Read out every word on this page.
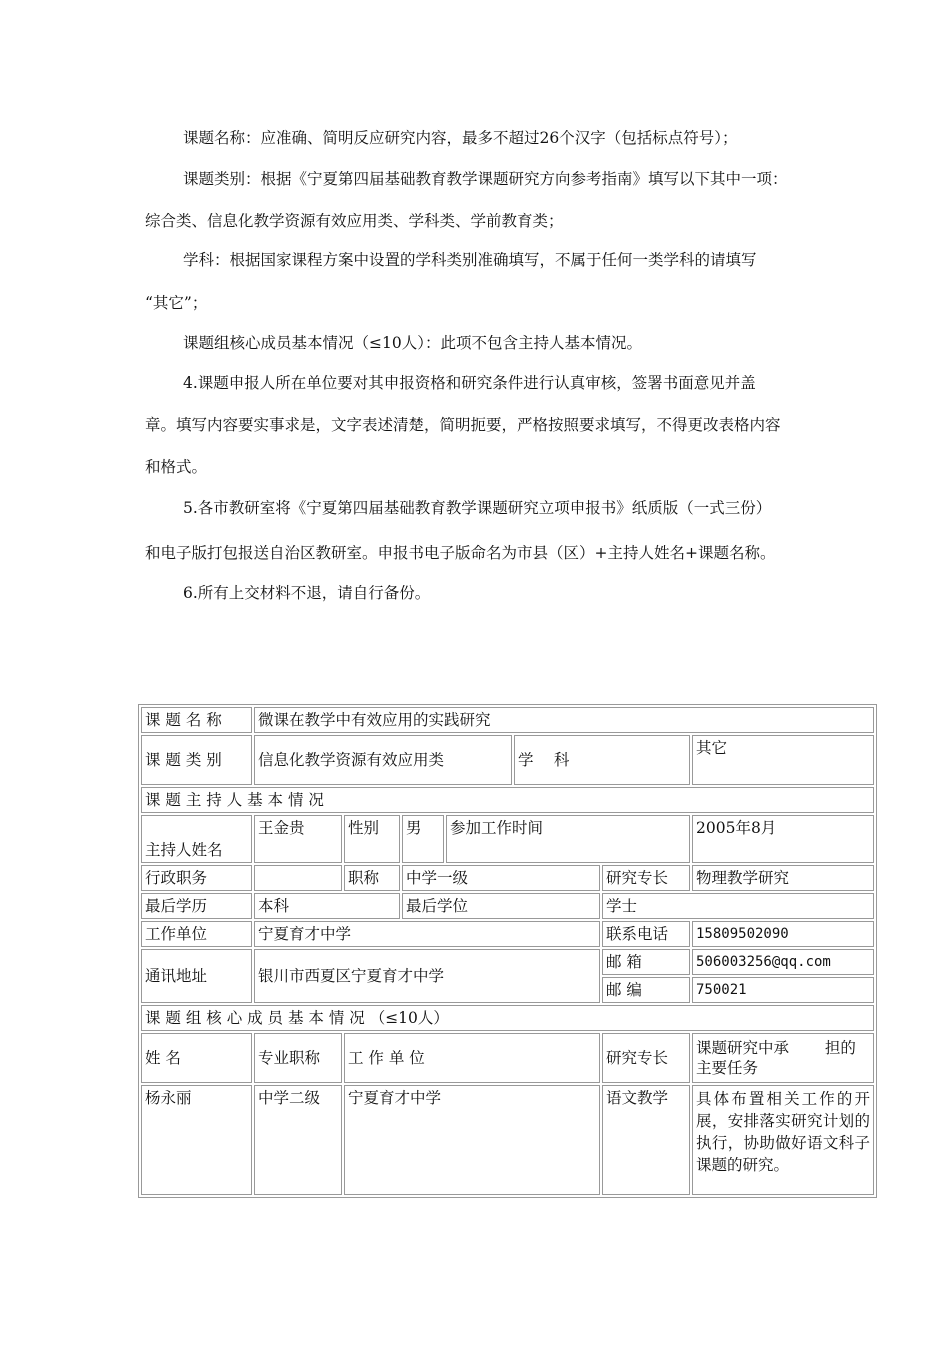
课题名称：应准确、简明反应研究内容，最多不超过26个汉字（包括标点符号）；

课题类别：根据《宁夏第四届基础教育教学课题研究方向参考指南》填写以下其中一项：

综合类、信息化教学资源有效应用类、学科类、学前教育类；

学科：根据国家课程方案中设置的学科类别准确填写，不属于任何一类学科的请填写

“其它”；

课题组核心成员基本情况（≤10人）：此项不包含主持人基本情况。

4.课题申报人所在单位要对其申报资格和研究条件进行认真审核，签署书面意见并盖

章。填写内容要实事求是，文字表述清楚，简明扼要，严格按照要求填写，不得更改表格内容

和格式。

5.各市教研室将《宁夏第四届基础教育教学课题研究立项申报书》纸质版（一式三份）

和电子版打包报送自治区教研室。申报书电子版命名为市县（区）+主持人姓名+课题名称。

6.所有上交材料不退，请自行备份。

课 题 名 称	微课在教学中有效应用的实践研究						
课 题 类 别	信息化教学资源有效应用类				学　 科		其它
课 题 主 持 人 基 本 情 况							
主持人姓名	王金贵	性别	男	参加工作时间			2005年8月
行政职务		职称	中学一级			研究专长	物理教学研究
最后学历	本科		最后学位			学士	
工作单位	宁夏育才中学					联系电话	15809502090
通讯地址	银川市西夏区宁夏育才中学					邮 箱	506003256@qq.com
						邮 编	750021
课 题 组 核 心 成 员 基 本 情 况 （≤10人）							
姓 名	专业职称	工 作 单 位				研究专长	课题研究中承　　 担的主要任务
杨永丽	中学二级	宁夏育才中学				语文教学	具体布置相关工作的开展，安排落实研究计划的执行，协助做好语文科子课题的研究。
